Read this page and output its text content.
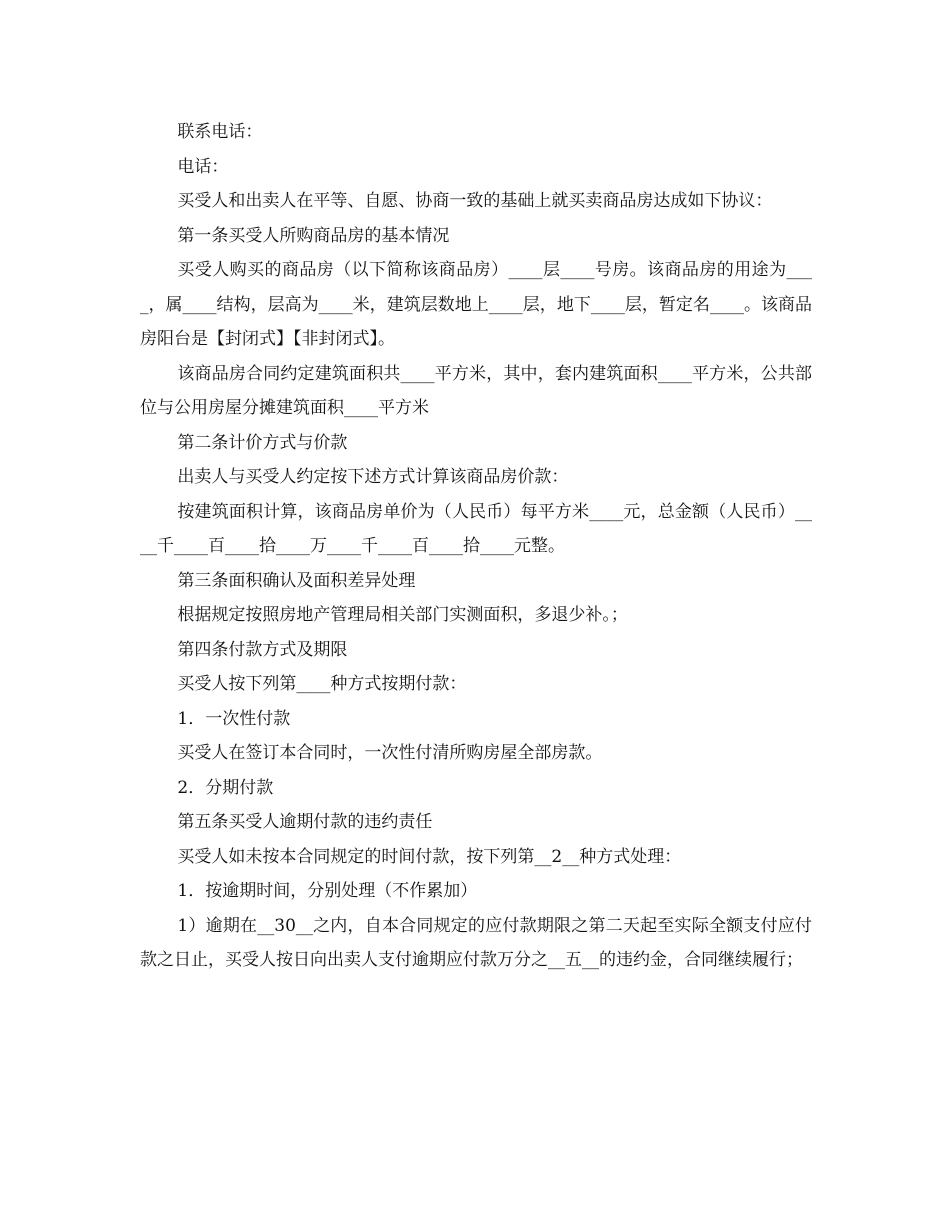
联系电话：

电话：

买受人和出卖人在平等、自愿、协商一致的基础上就买卖商品房达成如下协议：

第一条买受人所购商品房的基本情况

买受人购买的商品房（以下简称该商品房）____层____号房。该商品房的用途为____，属____结构，层高为____米，建筑层数地上____层，地下____层，暂定名____。该商品房阳台是【封闭式】【非封闭式】。

该商品房合同约定建筑面积共____平方米，其中，套内建筑面积____平方米，公共部位与公用房屋分摊建筑面积____平方米

第二条计价方式与价款

出卖人与买受人约定按下述方式计算该商品房价款：

按建筑面积计算，该商品房单价为（人民币）每平方米____元，总金额（人民币）____千____百____拾____万____千____百____拾____元整。

第三条面积确认及面积差异处理

根据规定按照房地产管理局相关部门实测面积，多退少补。；

第四条付款方式及期限

买受人按下列第____种方式按期付款：

1．一次性付款

买受人在签订本合同时，一次性付清所购房屋全部房款。

2．分期付款

第五条买受人逾期付款的违约责任

买受人如未按本合同规定的时间付款，按下列第__2__种方式处理：

1．按逾期时间，分别处理（不作累加）

1）逾期在__30__之内，自本合同规定的应付款期限之第二天起至实际全额支付应付款之日止，买受人按日向出卖人支付逾期应付款万分之__五__的违约金，合同继续履行；
